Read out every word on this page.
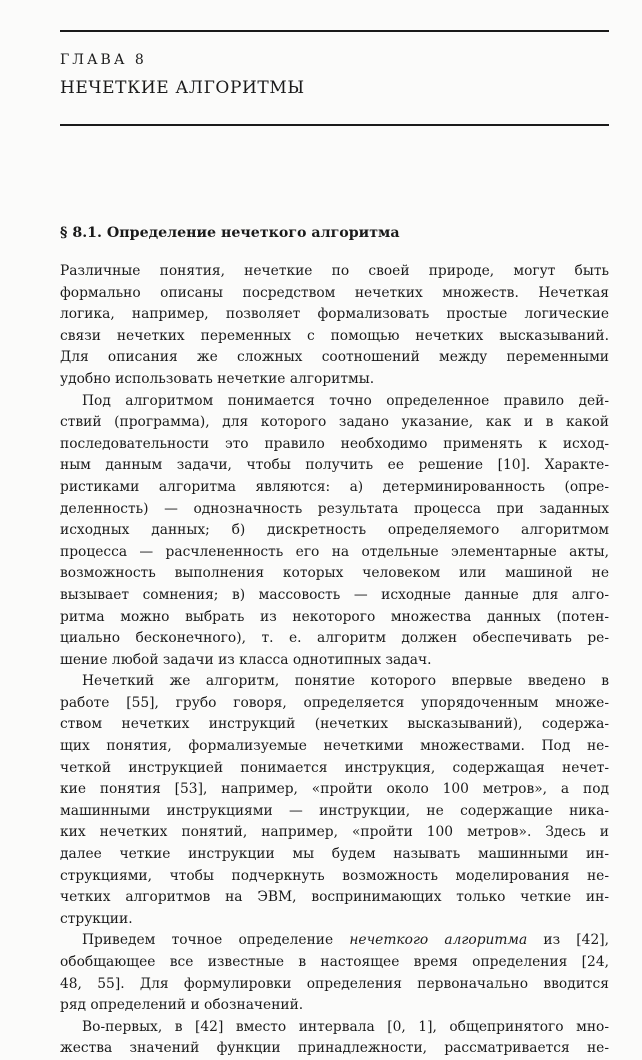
ГЛАВА 8
НЕЧЕТКИЕ АЛГОРИТМЫ
§ 8.1. Определение нечеткого алгоритма
Различные понятия, нечеткие по своей природе, могут быть
формально описаны посредством нечетких множеств. Нечеткая
логика, например, позволяет формализовать простые логические
связи нечетких переменных с помощью нечетких высказываний.
Для описания же сложных соотношений между переменными
удобно использовать нечеткие алгоритмы.
Под алгоритмом понимается точно определенное правило дей-
ствий (программа), для которого задано указание, как и в какой
последовательности это правило необходимо применять к исход-
ным данным задачи, чтобы получить ее решение [10]. Характе-
ристиками алгоритма являются: а) детерминированность (опре-
деленность) — однозначность результата процесса при заданных
исходных данных; б) дискретность определяемого алгоритмом
процесса — расчлененность его на отдельные элементарные акты,
возможность выполнения которых человеком или машиной не
вызывает сомнения; в) массовость — исходные данные для алго-
ритма можно выбрать из некоторого множества данных (потен-
циально бесконечного), т. е. алгоритм должен обеспечивать ре-
шение любой задачи из класса однотипных задач.
Нечеткий же алгоритм, понятие которого впервые введено в
работе [55], грубо говоря, определяется упорядоченным множе-
ством нечетких инструкций (нечетких высказываний), содержа-
щих понятия, формализуемые нечеткими множествами. Под не-
четкой инструкцией понимается инструкция, содержащая нечет-
кие понятия [53], например, «пройти около 100 метров», а под
машинными инструкциями — инструкции, не содержащие ника-
ких нечетких понятий, например, «пройти 100 метров». Здесь и
далее четкие инструкции мы будем называть машинными ин-
струкциями, чтобы подчеркнуть возможность моделирования не-
четких алгоритмов на ЭВМ, воспринимающих только четкие ин-
струкции.
Приведем точное определение нечеткого алгоритма из [42],
обобщающее все известные в настоящее время определения [24,
48, 55]. Для формулировки определения первоначально вводится
ряд определений и обозначений.
Во-первых, в [42] вместо интервала [0, 1], общепринятого мно-
жества значений функции принадлежности, рассматривается не-
